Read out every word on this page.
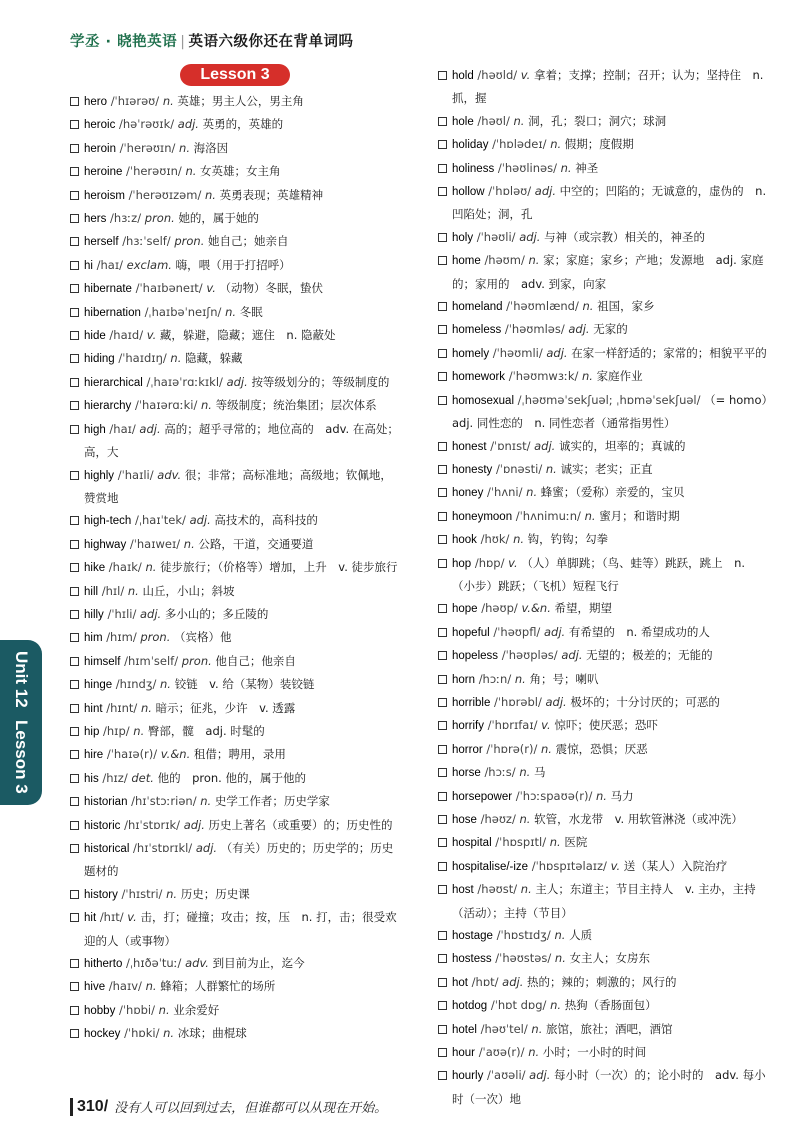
学丞 · 晓艳英语 | 英语六级你还在背单词吗
Lesson 3
hero /ˈhɪərəʊ/ n. 英雄；男主人公，男主角
heroic /həˈrəʊɪk/ adj. 英勇的，英雄的
heroin /ˈherəʊɪn/ n. 海洛因
heroine /ˈherəʊɪn/ n. 女英雄；女主角
heroism /ˈherəʊɪzəm/ n. 英勇表现；英雄精神
hers /hɜːz/ pron. 她的，属于她的
herself /hɜːˈself/ pron. 她自己；她亲自
hi /haɪ/ exclam. 嗨，喂（用于打招呼）
hibernate /ˈhaɪbəneɪt/ v. （动物）冬眠，蛰伏
hibernation /ˌhaɪbəˈneɪʃn/ n. 冬眠
hide /haɪd/ v. 藏，躲避，隐藏；遮住　n. 隐蔽处
hiding /ˈhaɪdɪŋ/ n. 隐藏，躲藏
hierarchical /ˌhaɪəˈrɑːkɪkl/ adj. 按等级划分的；等级制度的
hierarchy /ˈhaɪərɑːki/ n. 等级制度；统治集团；层次体系
high /haɪ/ adj. 高的；超乎寻常的；地位高的　adv. 在高处；高，大
highly /ˈhaɪli/ adv. 很；非常；高标准地；高级地；钦佩地，赞赏地
high-tech /ˌhaɪˈtek/ adj. 高技术的，高科技的
highway /ˈhaɪweɪ/ n. 公路，干道，交通要道
hike /haɪk/ n. 徒步旅行；（价格等）增加，上升　v. 徒步旅行
hill /hɪl/ n. 山丘，小山；斜坡
hilly /ˈhɪli/ adj. 多小山的；多丘陵的
him /hɪm/ pron. （宾格）他
himself /hɪmˈself/ pron. 他自己；他亲自
hinge /hɪndʒ/ n. 铰链　v. 给（某物）装铰链
hint /hɪnt/ n. 暗示；征兆，少许　v. 透露
hip /hɪp/ n. 臀部，髋　adj. 时髦的
hire /ˈhaɪə(r)/ v.&n. 租借；聘用，录用
his /hɪz/ det. 他的　pron. 他的，属于他的
historian /hɪˈstɔːriən/ n. 史学工作者；历史学家
historic /hɪˈstɒrɪk/ adj. 历史上著名（或重要）的；历史性的
historical /hɪˈstɒrɪkl/ adj. （有关）历史的；历史学的；历史题材的
history /ˈhɪstri/ n. 历史；历史课
hit /hɪt/ v. 击，打；碰撞；攻击；按，压　n. 打，击；很受欢迎的人（或事物）
hitherto /ˌhɪðəˈtuː/ adv. 到目前为止，迄今
hive /haɪv/ n. 蜂箱；人群繁忙的场所
hobby /ˈhɒbi/ n. 业余爱好
hockey /ˈhɒki/ n. 冰球；曲棍球
hold /həʊld/ v. 拿着；支撑；控制；召开；认为；坚持住　n. 抓，握
hole /həʊl/ n. 洞，孔；裂口；洞穴；球洞
holiday /ˈhɒlədeɪ/ n. 假期；度假期
holiness /ˈhəʊlinəs/ n. 神圣
hollow /ˈhɒləʊ/ adj. 中空的；凹陷的；无诚意的，虚伪的　n. 凹陷处；洞，孔
holy /ˈhəʊli/ adj. 与神（或宗教）相关的，神圣的
home /həʊm/ n. 家；家庭；家乡；产地；发源地　adj. 家庭的；家用的　adv. 到家，向家
homeland /ˈhəʊmlænd/ n. 祖国，家乡
homeless /ˈhəʊmləs/ adj. 无家的
homely /ˈhəʊmli/ adj. 在家一样舒适的；家常的；相貌平平的
homework /ˈhəʊmwɜːk/ n. 家庭作业
homosexual /ˌhəʊməˈsekʃuəl; ˌhɒməˈsekʃuəl/ （= homo）　adj. 同性恋的　n. 同性恋者（通常指男性）
honest /ˈɒnɪst/ adj. 诚实的，坦率的；真诚的
honesty /ˈɒnəsti/ n. 诚实；老实；正直
honey /ˈhʌni/ n. 蜂蜜；（爱称）亲爱的，宝贝
honeymoon /ˈhʌnimuːn/ n. 蜜月；和谐时期
hook /hʊk/ n. 钩，钓钩；勾拳
hop /hɒp/ v. （人）单脚跳；（鸟、蛙等）跳跃，跳上　n.（小步）跳跃；（飞机）短程飞行
hope /həʊp/ v.&n. 希望，期望
hopeful /ˈhəʊpfl/ adj. 有希望的　n. 希望成功的人
hopeless /ˈhəʊpləs/ adj. 无望的；极差的；无能的
horn /hɔːn/ n. 角；号；喇叭
horrible /ˈhɒrəbl/ adj. 极坏的；十分讨厌的；可恶的
horrify /ˈhɒrɪfaɪ/ v. 惊吓；使厌恶；恐吓
horror /ˈhɒrə(r)/ n. 震惊，恐惧；厌恶
horse /hɔːs/ n. 马
horsepower /ˈhɔːspaʊə(r)/ n. 马力
hose /həʊz/ n. 软管，水龙带　v. 用软管淋浇（或冲洗）
hospital /ˈhɒspɪtl/ n. 医院
hospitalise/-ize /ˈhɒspɪtəlaɪz/ v. 送（某人）入院治疗
host /həʊst/ n. 主人；东道主；节目主持人　v. 主办，主持（活动）；主持（节目）
hostage /ˈhɒstɪdʒ/ n. 人质
hostess /ˈhəʊstəs/ n. 女主人；女房东
hot /hɒt/ adj. 热的；辣的；刺激的；风行的
hotdog /ˈhɒt dɒg/ n. 热狗（香肠面包）
hotel /həʊˈtel/ n. 旅馆，旅社；酒吧，酒馆
hour /ˈaʊə(r)/ n. 小时；一小时的时间
hourly /ˈaʊəli/ adj. 每小时（一次）的；论小时的　adv. 每小时（一次）地
Unit 12
Lesson 3
310/ 没有人可以回到过去，但谁都可以从现在开始。
